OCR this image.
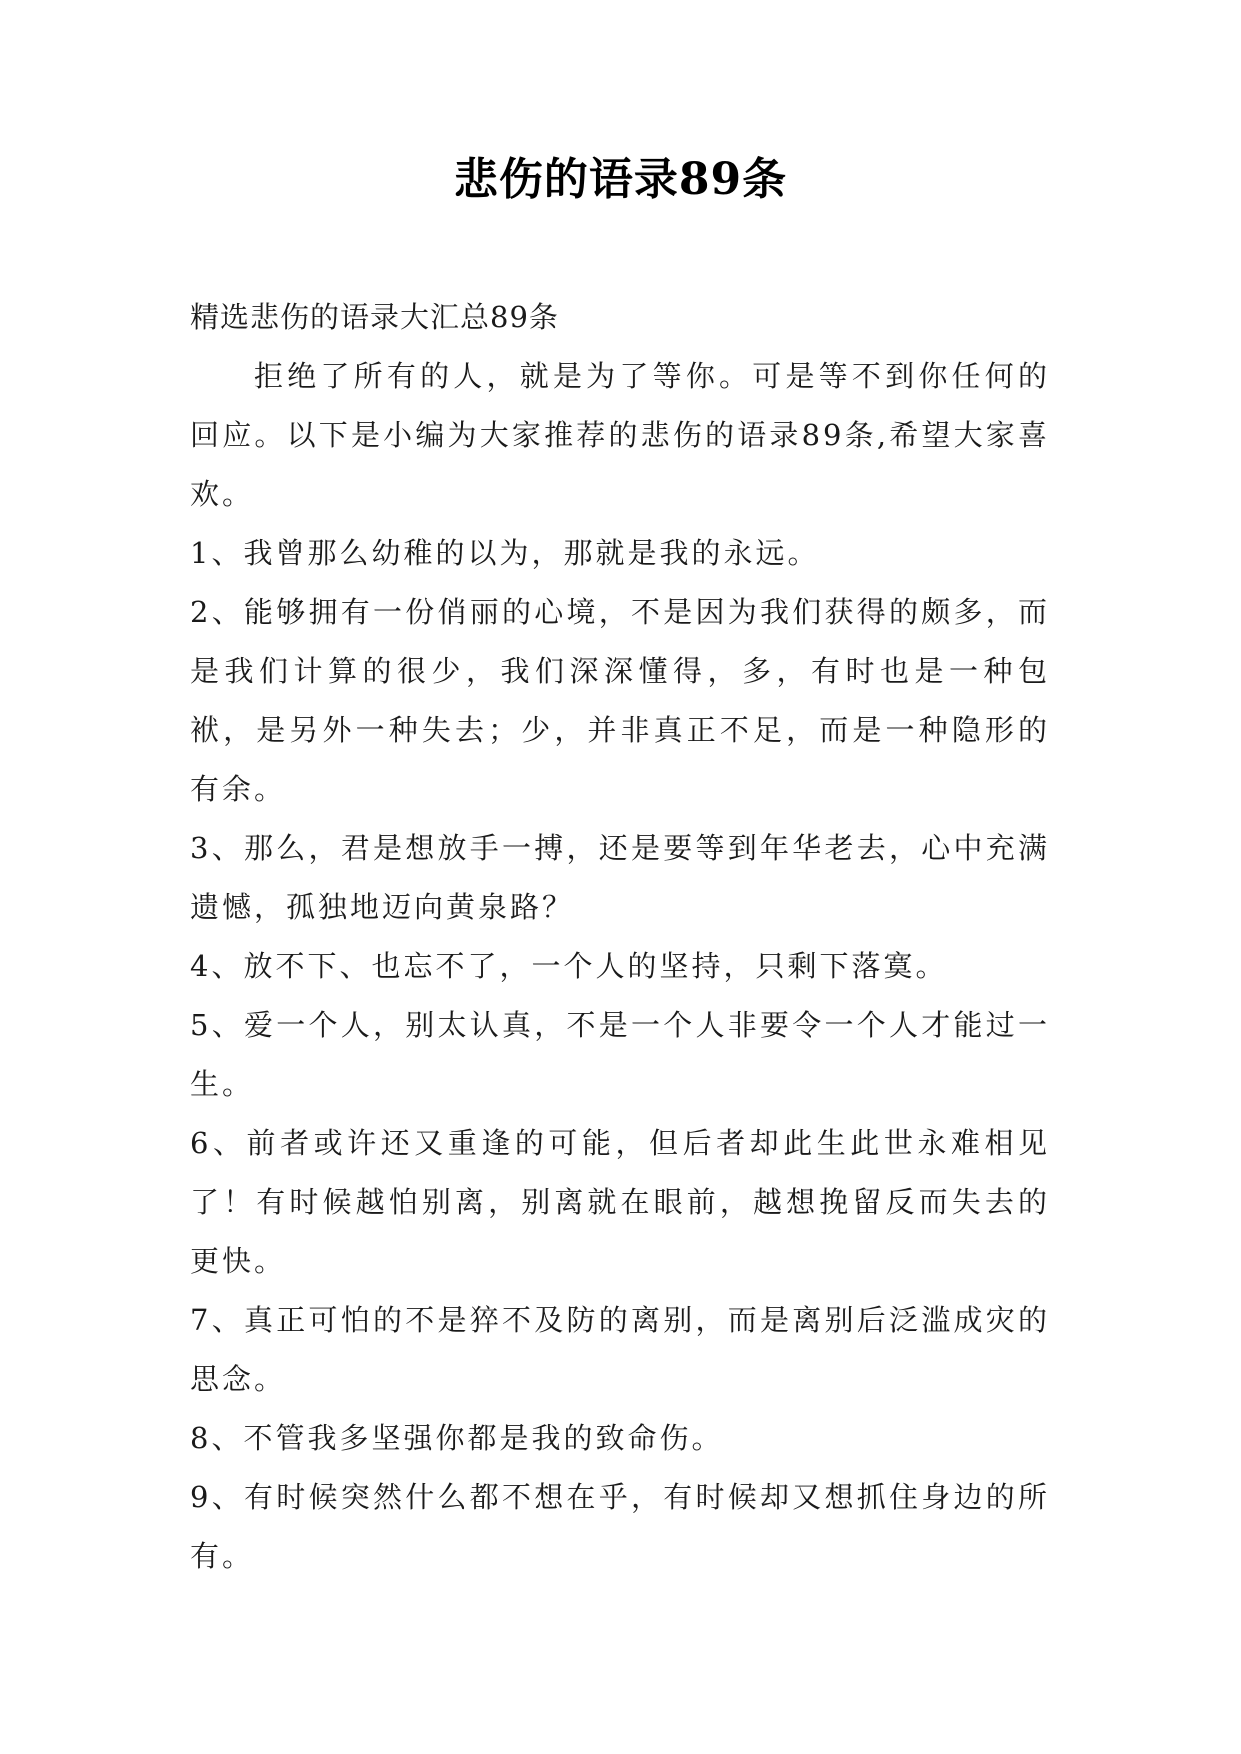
悲伤的语录89条

精选悲伤的语录大汇总89条

拒绝了所有的人，就是为了等你。可是等不到你任何的回应。以下是小编为大家推荐的悲伤的语录89条,希望大家喜欢。

1、我曾那么幼稚的以为，那就是我的永远。

2、能够拥有一份俏丽的心境，不是因为我们获得的颇多，而是我们计算的很少，我们深深懂得，多，有时也是一种包袱，是另外一种失去；少，并非真正不足，而是一种隐形的有余。

3、那么，君是想放手一搏，还是要等到年华老去，心中充满遗憾，孤独地迈向黄泉路？

4、放不下、也忘不了，一个人的坚持，只剩下落寞。

5、爱一个人，别太认真，不是一个人非要令一个人才能过一生。

6、前者或许还又重逢的可能，但后者却此生此世永难相见了！有时候越怕别离，别离就在眼前，越想挽留反而失去的更快。

7、真正可怕的不是猝不及防的离别，而是离别后泛滥成灾的思念。

8、不管我多坚强你都是我的致命伤。

9、有时候突然什么都不想在乎，有时候却又想抓住身边的所有。
